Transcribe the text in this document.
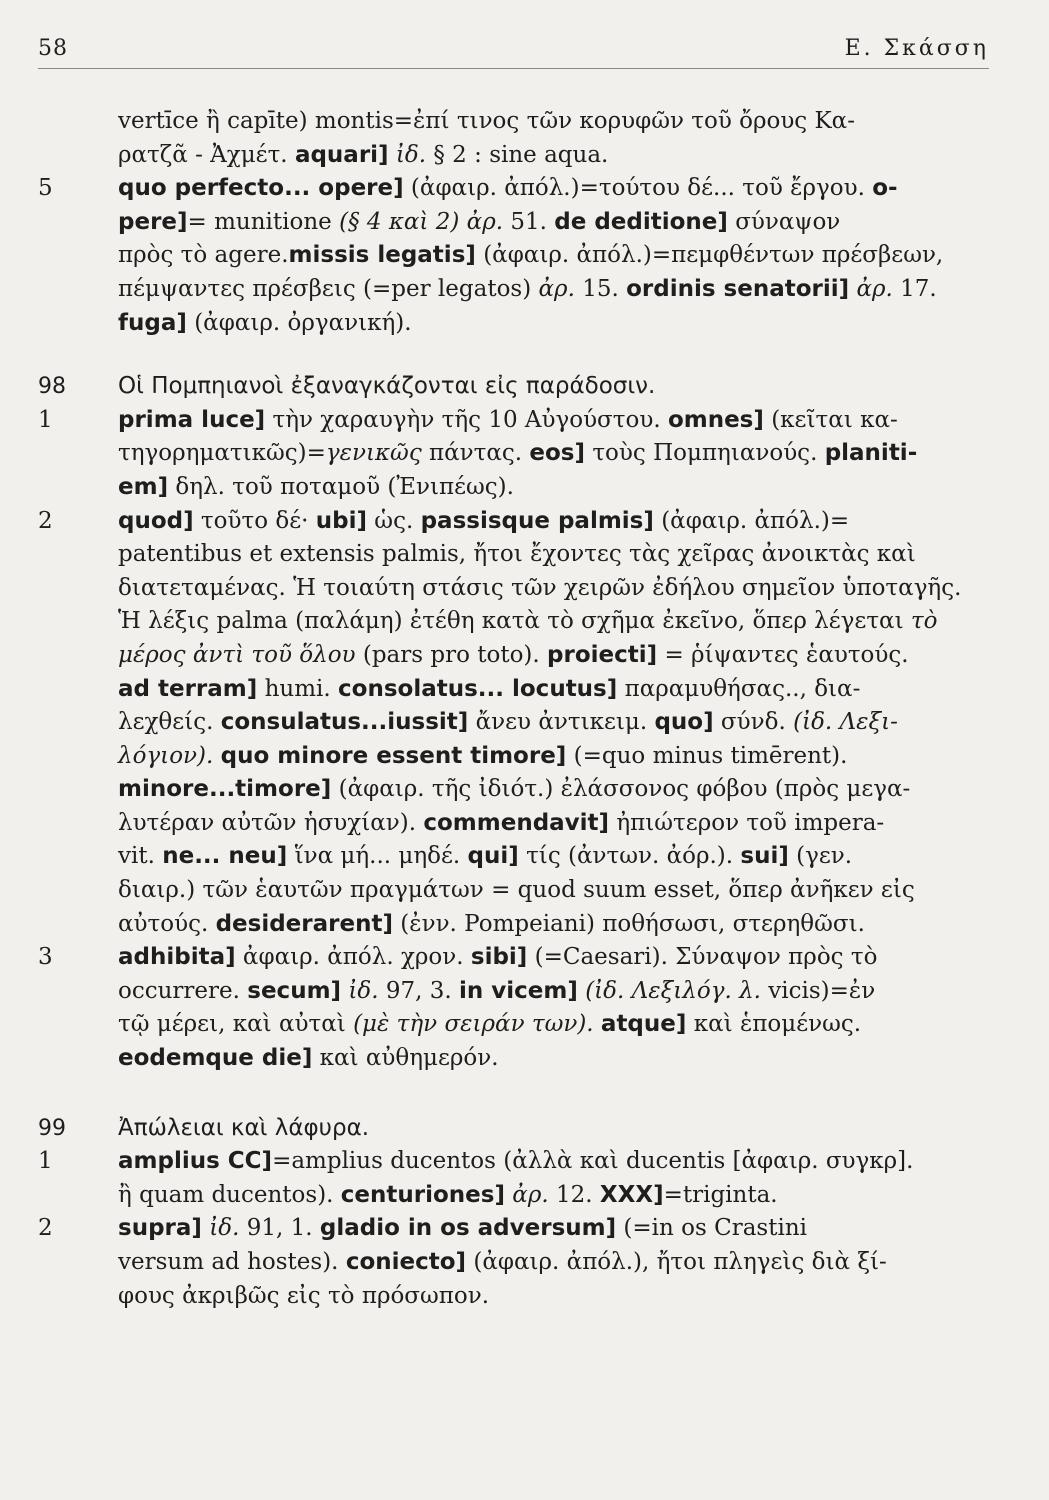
58	Ε. Σκάσση
vertīce ἢ capīte) montis=ἐπί τινος τῶν κορυφῶν τοῦ ὄρους Κα-
ρατζᾶ - Ἀχμέτ. aquari] ἰδ. § 2 : sine aqua.
5	quo perfecto... opere] (ἀφαιρ. ἀπόλ.)=τούτου δέ... τοῦ ἔργου. o-
pere]= munitione (§ 4 καὶ 2) ἀρ. 51. de deditione] σύναψον
πρὸς τὸ agere.missis legatis] (ἀφαιρ. ἀπόλ.)=πεμφθέντων πρέσβεων,
πέμψαντες πρέσβεις (=per legatos) ἀρ. 15. ordinis senatorii] ἀρ. 17.
fuga] (ἀφαιρ. ὀργανική).
98	Οἱ Πομπηιανοὶ ἐξαναγκάζονται εἰς παράδοσιν.
1	prima luce] τὴν χαραυγὴν τῆς 10 Αὐγούστου. omnes] (κεῖται κα-
τηγορηματικῶς)=γενικῶς πάντας. eos] τοὺς Πομπηιανούς. planiti-
em] δηλ. τοῦ ποταμοῦ (Ἐνιπέως).
2	quod] τοῦτο δέ· ubi] ὡς. passisque palmis] (ἀφαιρ. ἀπόλ.)=
patentibus et extensis palmis, ἤτοι ἔχοντες τὰς χεῖρας ἀνοικτὰς καὶ
διατεταμένας. Ἡ τοιαύτη στάσις τῶν χειρῶν ἐδήλου σημεῖον ὑποταγῆς.
Ἡ λέξις palma (παλάμη) ἐτέθη κατὰ τὸ σχῆμα ἐκεῖνο, ὅπερ λέγεται τὸ
μέρος ἀντὶ τοῦ ὅλου (pars pro toto). proiecti] = ῥίψαντες ἑαυτούς.
ad terram] humi. consolatus... locutus] παραμυθήσας.., δια-
λεχθείς. consulatus...iussit] ἄνευ ἀντικειμ. quo] σύνδ. (ἰδ. Λεξι-
λόγιον). quo minore essent timore] (=quo minus timērent).
minore...timore] (ἀφαιρ. τῆς ἰδιότ.) ἐλάσσονος φόβου (πρὸς μεγα-
λυτέραν αὐτῶν ἡσυχίαν). commendavit] ἠπιώτερον τοῦ impera-
vit. ne... neu] ἵνα μή... μηδέ. qui] τίς (ἀντων. ἀόρ.). sui] (γεν.
διαιρ.) τῶν ἑαυτῶν πραγμάτων = quod suum esset, ὅπερ ἀνῆκεν εἰς
αὐτούς. desiderarent] (ἐνν. Pompeiani) ποθήσωσι, στερηθῶσι.
3	adhibita] ἀφαιρ. ἀπόλ. χρον. sibi] (=Caesari). Σύναψον πρὸς τὸ
occurrere. secum] ἰδ. 97, 3. in vicem] (ἰδ. Λεξιλόγ. λ. vicis)=ἐν
τῷ μέρει, καὶ αὐταὶ (μὲ τὴν σειράν των). atque] καὶ ἑπομένως.
eodemque die] καὶ αὐθημερόν.
99	Ἀπώλειαι καὶ λάφυρα.
1	amplius CC]=amplius ducentos (ἀλλὰ καὶ ducentis [ἀφαιρ. συγκρ].
ἢ quam ducentos). centuriones] ἀρ. 12. XXX]=triginta.
2	supra] ἰδ. 91, 1. gladio in os adversum] (=in os Crastini
versum ad hostes). coniecto] (ἀφαιρ. ἀπόλ.), ἤτοι πληγεὶς διὰ ξί-
φους ἀκριβῶς εἰς τὸ πρόσωπον.
